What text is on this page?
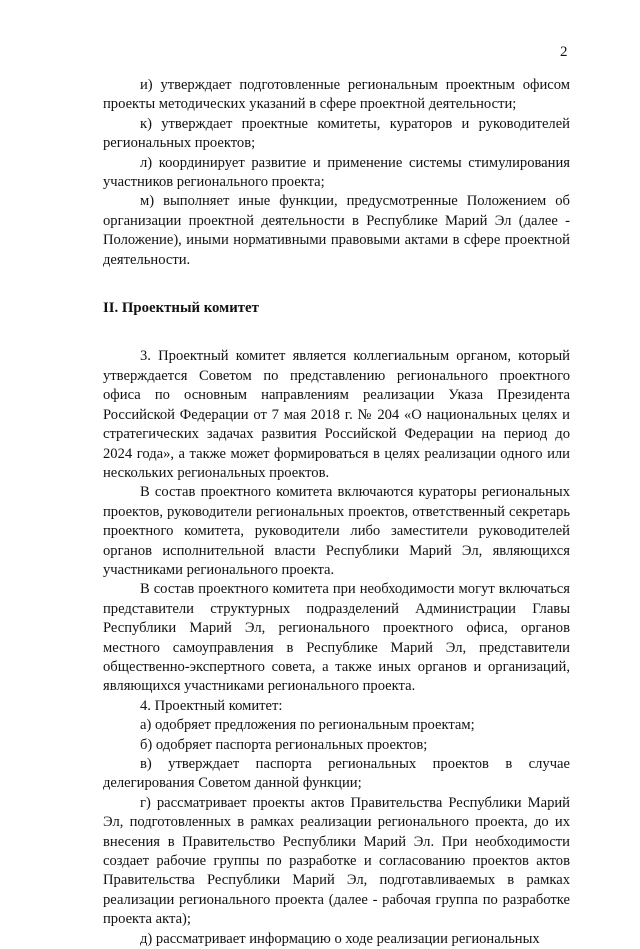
2

и) утверждает подготовленные региональным проектным офисом проекты методических указаний в сфере проектной деятельности;

к) утверждает проектные комитеты, кураторов и руководителей региональных проектов;

л) координирует развитие и применение системы стимулирования участников регионального проекта;

м) выполняет иные функции, предусмотренные Положением об организации проектной деятельности в Республике Марий Эл (далее - Положение), иными нормативными правовыми актами в сфере проектной деятельности.

II. Проектный комитет

3. Проектный комитет является коллегиальным органом, который утверждается Советом по представлению регионального проектного офиса по основным направлениям реализации Указа Президента Российской Федерации от 7 мая 2018 г. № 204 «О национальных целях и стратегических задачах развития Российской Федерации на период до 2024 года», а также может формироваться в целях реализации одного или нескольких региональных проектов.

В состав проектного комитета включаются кураторы региональных проектов, руководители региональных проектов, ответственный секретарь проектного комитета, руководители либо заместители руководителей органов исполнительной власти Республики Марий Эл, являющихся участниками регионального проекта.

В состав проектного комитета при необходимости могут включаться представители структурных подразделений Администрации Главы Республики Марий Эл, регионального проектного офиса, органов местного самоуправления в Республике Марий Эл, представители общественно-экспертного совета, а также иных органов и организаций, являющихся участниками регионального проекта.

4. Проектный комитет:

а) одобряет предложения по региональным проектам;

б) одобряет паспорта региональных проектов;

в) утверждает паспорта региональных проектов в случае делегирования Советом данной функции;

г) рассматривает проекты актов Правительства Республики Марий Эл, подготовленных в рамках реализации регионального проекта, до их внесения в Правительство Республики Марий Эл. При необходимости создает рабочие группы по разработке и согласованию проектов актов Правительства Республики Марий Эл, подготавливаемых в рамках реализации регионального проекта (далее - рабочая группа по разработке проекта акта);

д) рассматривает информацию о ходе реализации региональных
